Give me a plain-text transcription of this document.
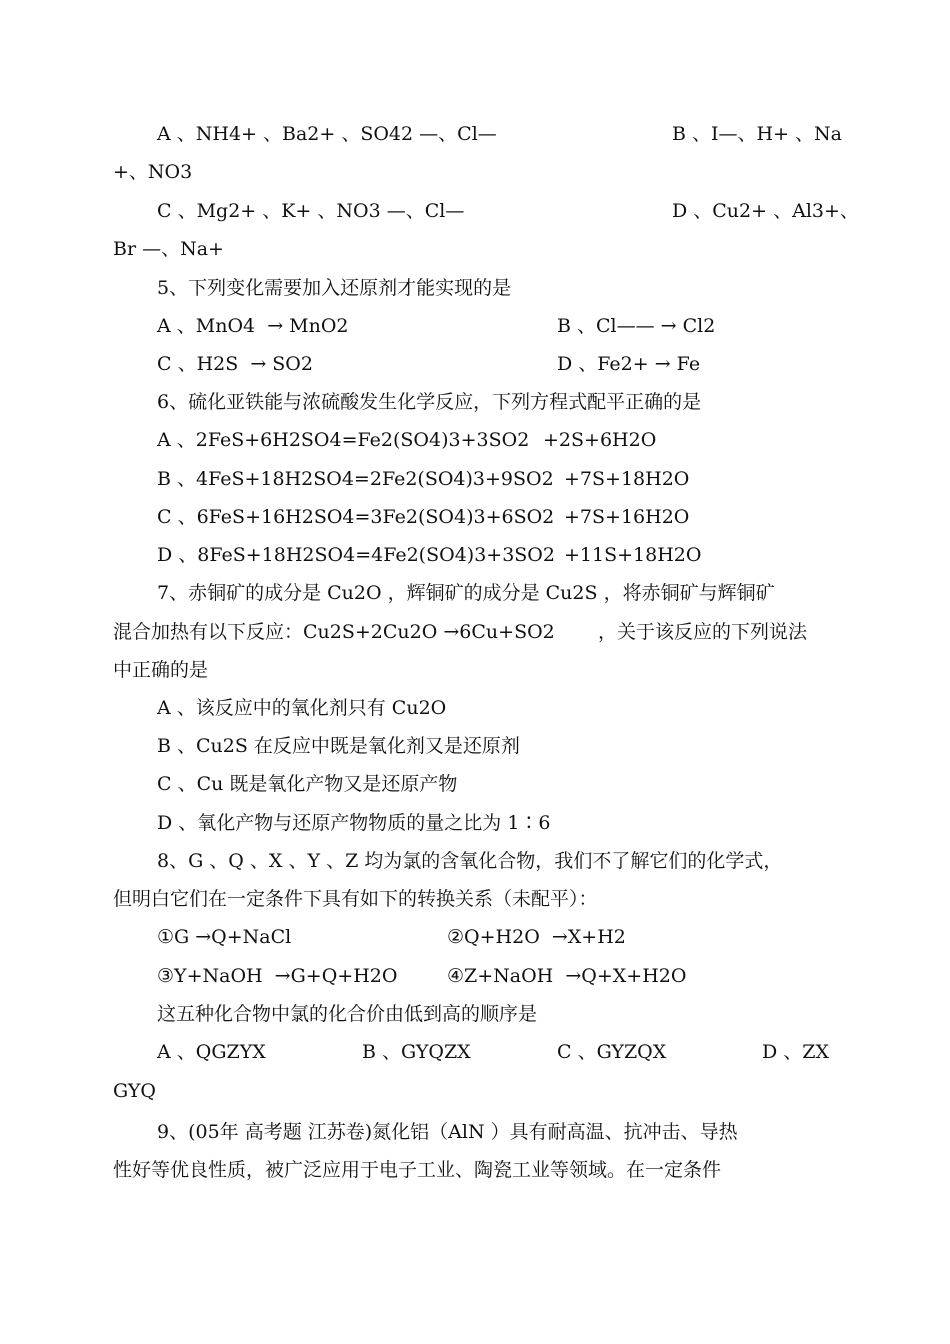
A 、NH4+ 、Ba2+ 、SO42 —、Cl—	B 、I—、H+ 、Na
+、NO3
C 、Mg2+ 、K+ 、NO3 —、Cl—	D 、Cu2+ 、Al3+、
Br —、Na+
5、下列变化需要加入还原剂才能实现的是
A 、MnO4  → MnO2	B 、Cl—— → Cl2
C 、H2S  → SO2	D 、Fe2+ → Fe
6、硫化亚铁能与浓硫酸发生化学反应，下列方程式配平正确的是
A 、2FeS+6H2SO4=Fe2(SO4)3+3SO2 +2S+6H2O
B 、4FeS+18H2SO4=2Fe2(SO4)3+9SO2 +7S+18H2O
C 、6FeS+16H2SO4=3Fe2(SO4)3+6SO2 +7S+16H2O
D 、8FeS+18H2SO4=4Fe2(SO4)3+3SO2 +11S+18H2O
7、赤铜矿的成分是 Cu2O ，辉铜矿的成分是 Cu2S ，将赤铜矿与辉铜矿
混合加热有以下反应：Cu2S+2Cu2O →6Cu+SO2 ，关于该反应的下列说法
中正确的是
A 、该反应中的氧化剂只有 Cu2O
B 、Cu2S 在反应中既是氧化剂又是还原剂
C 、Cu 既是氧化产物又是还原产物
D 、氧化产物与还原产物物质的量之比为 1∶6
8、G 、Q 、X 、Y 、Z 均为氯的含氧化合物，我们不了解它们的化学式，
但明白它们在一定条件下具有如下的转换关系（未配平）：
①G →Q+NaCl	②Q+H2O  →X+H2
③Y+NaOH  →G+Q+H2O	④Z+NaOH  →Q+X+H2O
这五种化合物中氯的化合价由低到高的顺序是
A 、QGZYX	B 、GYQZX	C 、GYZQX	D 、ZX
GYQ
9、(05年 高考题 江苏卷)氮化铝（AlN ）具有耐高温、抗冲击、导热
性好等优良性质，被广泛应用于电子工业、陶瓷工业等领域。在一定条件
